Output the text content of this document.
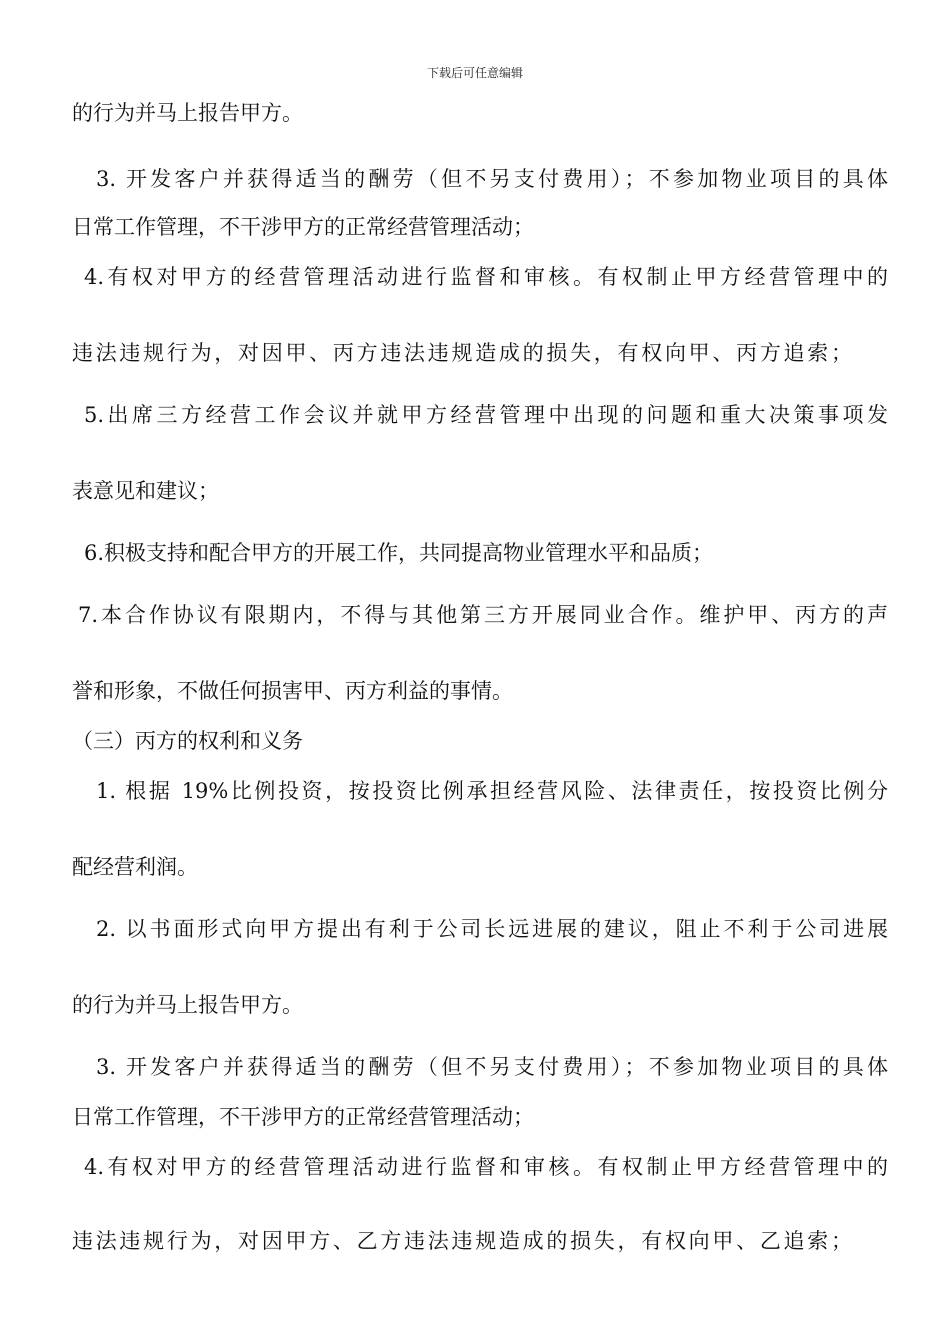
下载后可任意编辑
的行为并马上报告甲方。
3. 开发客户并获得适当的酬劳（但不另支付费用）；不参加物业项目的具体
日常工作管理，不干涉甲方的正常经营管理活动；
4.有权对甲方的经营管理活动进行监督和审核。有权制止甲方经营管理中的
违法违规行为，对因甲、丙方违法违规造成的损失，有权向甲、丙方追索；
5.出席三方经营工作会议并就甲方经营管理中出现的问题和重大决策事项发
表意见和建议；
6.积极支持和配合甲方的开展工作，共同提高物业管理水平和品质；
7.本合作协议有限期内，不得与其他第三方开展同业合作。维护甲、丙方的声
誉和形象，不做任何损害甲、丙方利益的事情。
（三）丙方的权利和义务
1. 根据 19%比例投资，按投资比例承担经营风险、法律责任，按投资比例分
配经营利润。
2. 以书面形式向甲方提出有利于公司长远进展的建议，阻止不利于公司进展
的行为并马上报告甲方。
3. 开发客户并获得适当的酬劳（但不另支付费用）；不参加物业项目的具体
日常工作管理，不干涉甲方的正常经营管理活动；
4.有权对甲方的经营管理活动进行监督和审核。有权制止甲方经营管理中的
违法违规行为，对因甲方、乙方违法违规造成的损失，有权向甲、乙追索；
